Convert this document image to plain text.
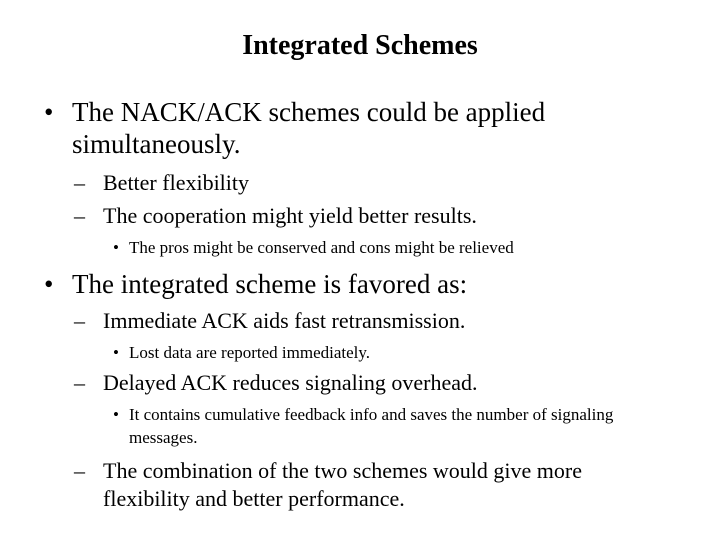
Integrated Schemes
• The NACK/ACK schemes could be applied simultaneously.
– Better flexibility
– The cooperation might yield better results.
• The pros might be conserved and cons might be relieved
• The integrated scheme is favored as:
– Immediate ACK aids fast retransmission.
• Lost data are reported immediately.
– Delayed ACK reduces signaling overhead.
• It contains cumulative feedback info and saves the number of signaling messages.
– The combination of the two schemes would give more flexibility and better performance.
